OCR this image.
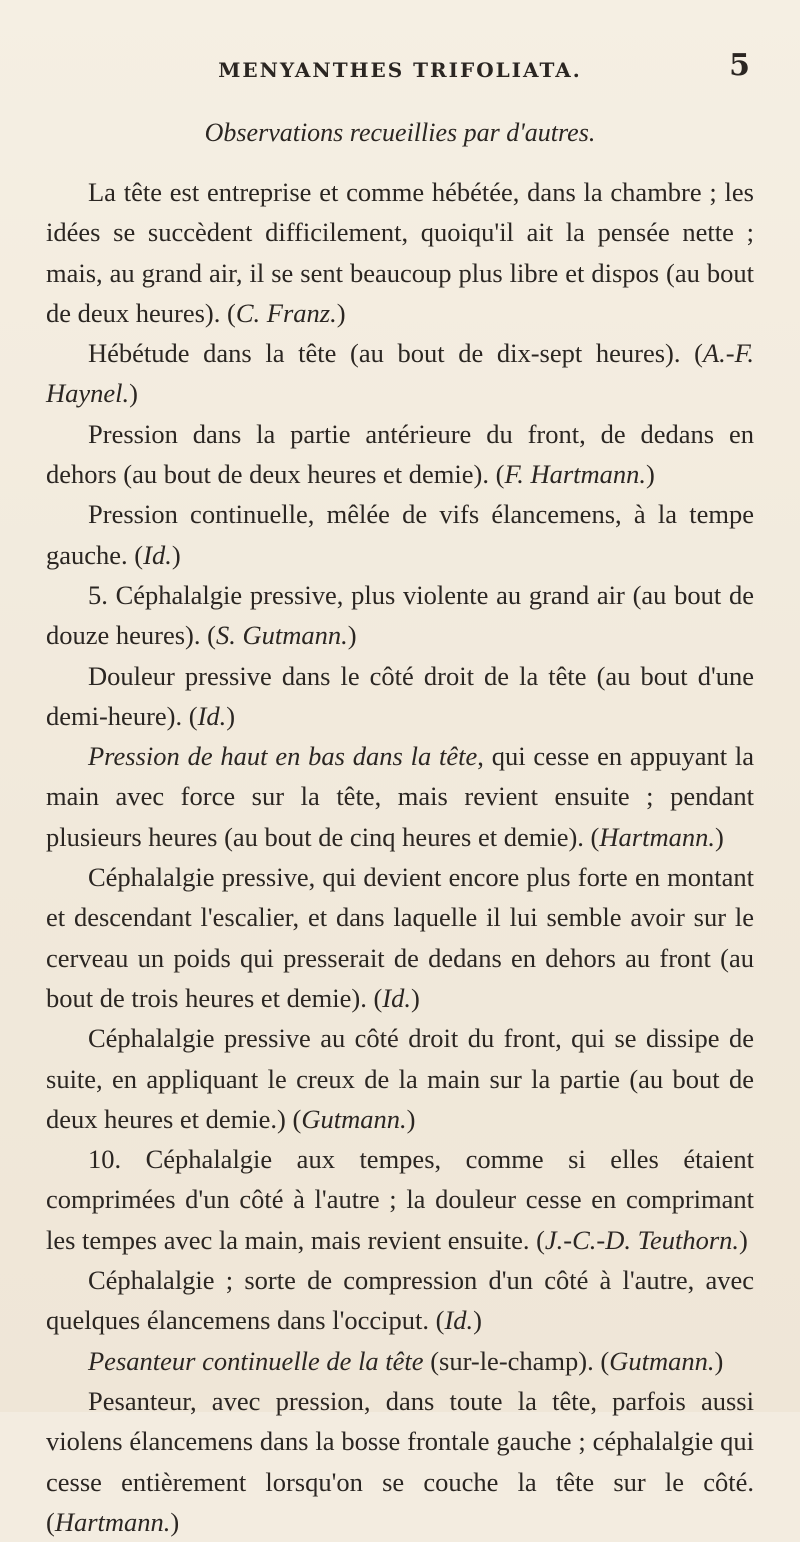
MENYANTHES TRIFOLIATA.	5
Observations recueillies par d'autres.

La tête est entreprise et comme hébétée, dans la chambre ; les idées se succèdent difficilement, quoiqu'il ait la pensée nette ; mais, au grand air, il se sent beaucoup plus libre et dispos (au bout de deux heures). (C. Franz.)

Hébétude dans la tête (au bout de dix-sept heures). (A.-F. Haynel.)

Pression dans la partie antérieure du front, de dedans en dehors (au bout de deux heures et demie). (F. Hartmann.)

Pression continuelle, mêlée de vifs élancemens, à la tempe gauche. (Id.)

5. Céphalalgie pressive, plus violente au grand air (au bout de douze heures). (S. Gutmann.)

Douleur pressive dans le côté droit de la tête (au bout d'une demi-heure). (Id.)

Pression de haut en bas dans la tête, qui cesse en appuyant la main avec force sur la tête, mais revient ensuite ; pendant plusieurs heures (au bout de cinq heures et demie). (Hartmann.)

Céphalalgie pressive, qui devient encore plus forte en montant et descendant l'escalier, et dans laquelle il lui semble avoir sur le cerveau un poids qui presserait de dedans en dehors au front (au bout de trois heures et demie). (Id.)

Céphalalgie pressive au côté droit du front, qui se dissipe de suite, en appliquant le creux de la main sur la partie (au bout de deux heures et demie.) (Gutmann.)

10. Céphalalgie aux tempes, comme si elles étaient comprimées d'un côté à l'autre ; la douleur cesse en comprimant les tempes avec la main, mais revient ensuite. (J.-C.-D. Teuthorn.)

Céphalalgie ; sorte de compression d'un côté à l'autre, avec quelques élancemens dans l'occiput. (Id.)

Pesanteur continuelle de la tête (sur-le-champ). (Gutmann.)

Pesanteur, avec pression, dans toute la tête, parfois aussi violens élancemens dans la bosse frontale gauche ; céphalalgie qui cesse entièrement lorsqu'on se couche la tête sur le côté. (Hartmann.)
